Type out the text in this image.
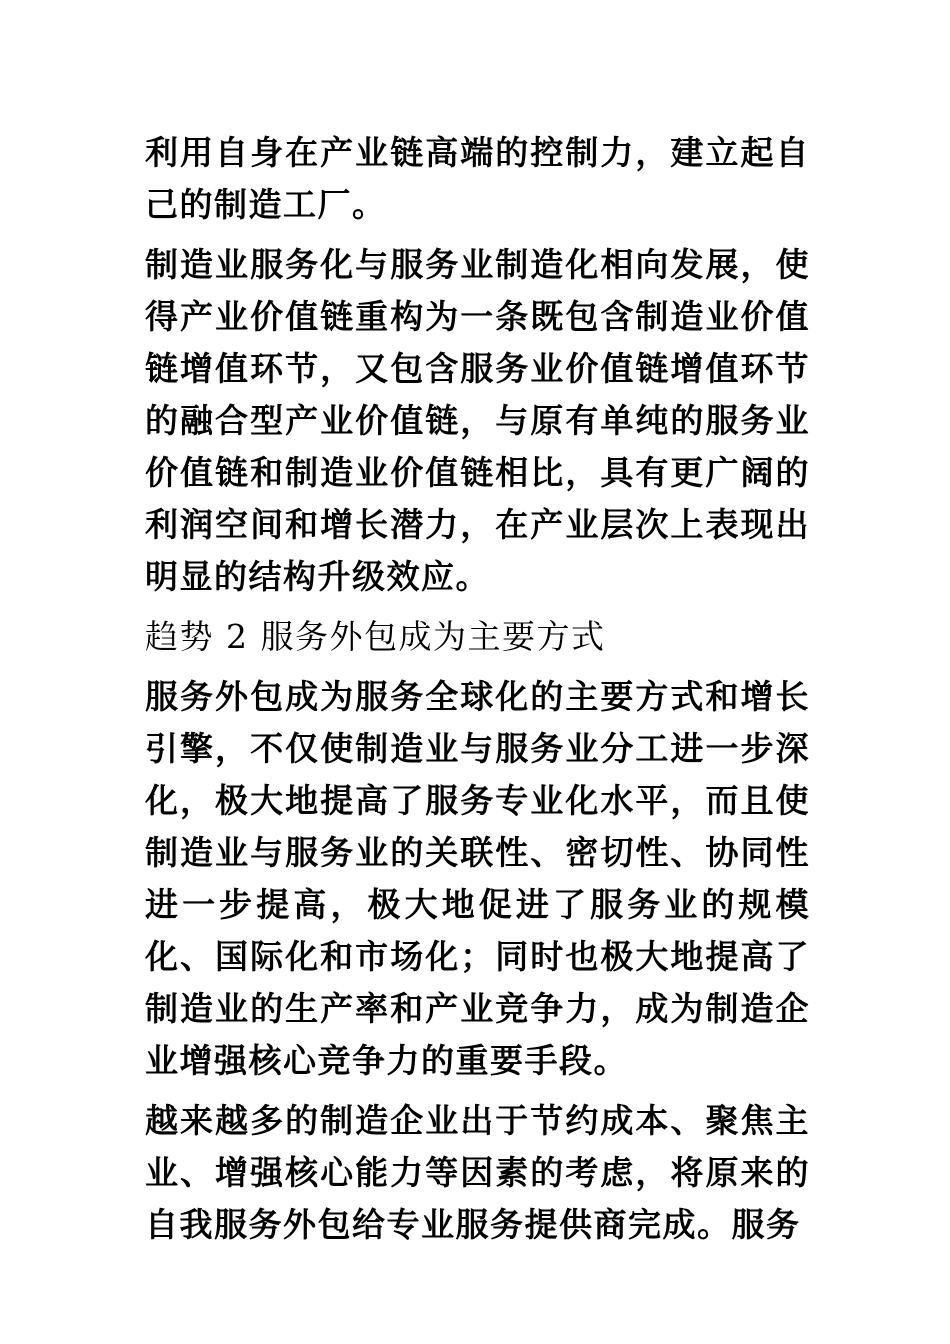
利用自身在产业链高端的控制力，建立起自己的制造工厂。

制造业服务化与服务业制造化相向发展，使得产业价值链重构为一条既包含制造业价值链增值环节，又包含服务业价值链增值环节的融合型产业价值链，与原有单纯的服务业价值链和制造业价值链相比，具有更广阔的利润空间和增长潜力，在产业层次上表现出明显的结构升级效应。

趋势 2 服务外包成为主要方式

服务外包成为服务全球化的主要方式和增长引擎，不仅使制造业与服务业分工进一步深化，极大地提高了服务专业化水平，而且使制造业与服务业的关联性、密切性、协同性进一步提高，极大地促进了服务业的规模化、国际化和市场化；同时也极大地提高了制造业的生产率和产业竞争力，成为制造企业增强核心竞争力的重要手段。

越来越多的制造企业出于节约成本、聚焦主业、增强核心能力等因素的考虑，将原来的自我服务外包给专业服务提供商完成。服务
